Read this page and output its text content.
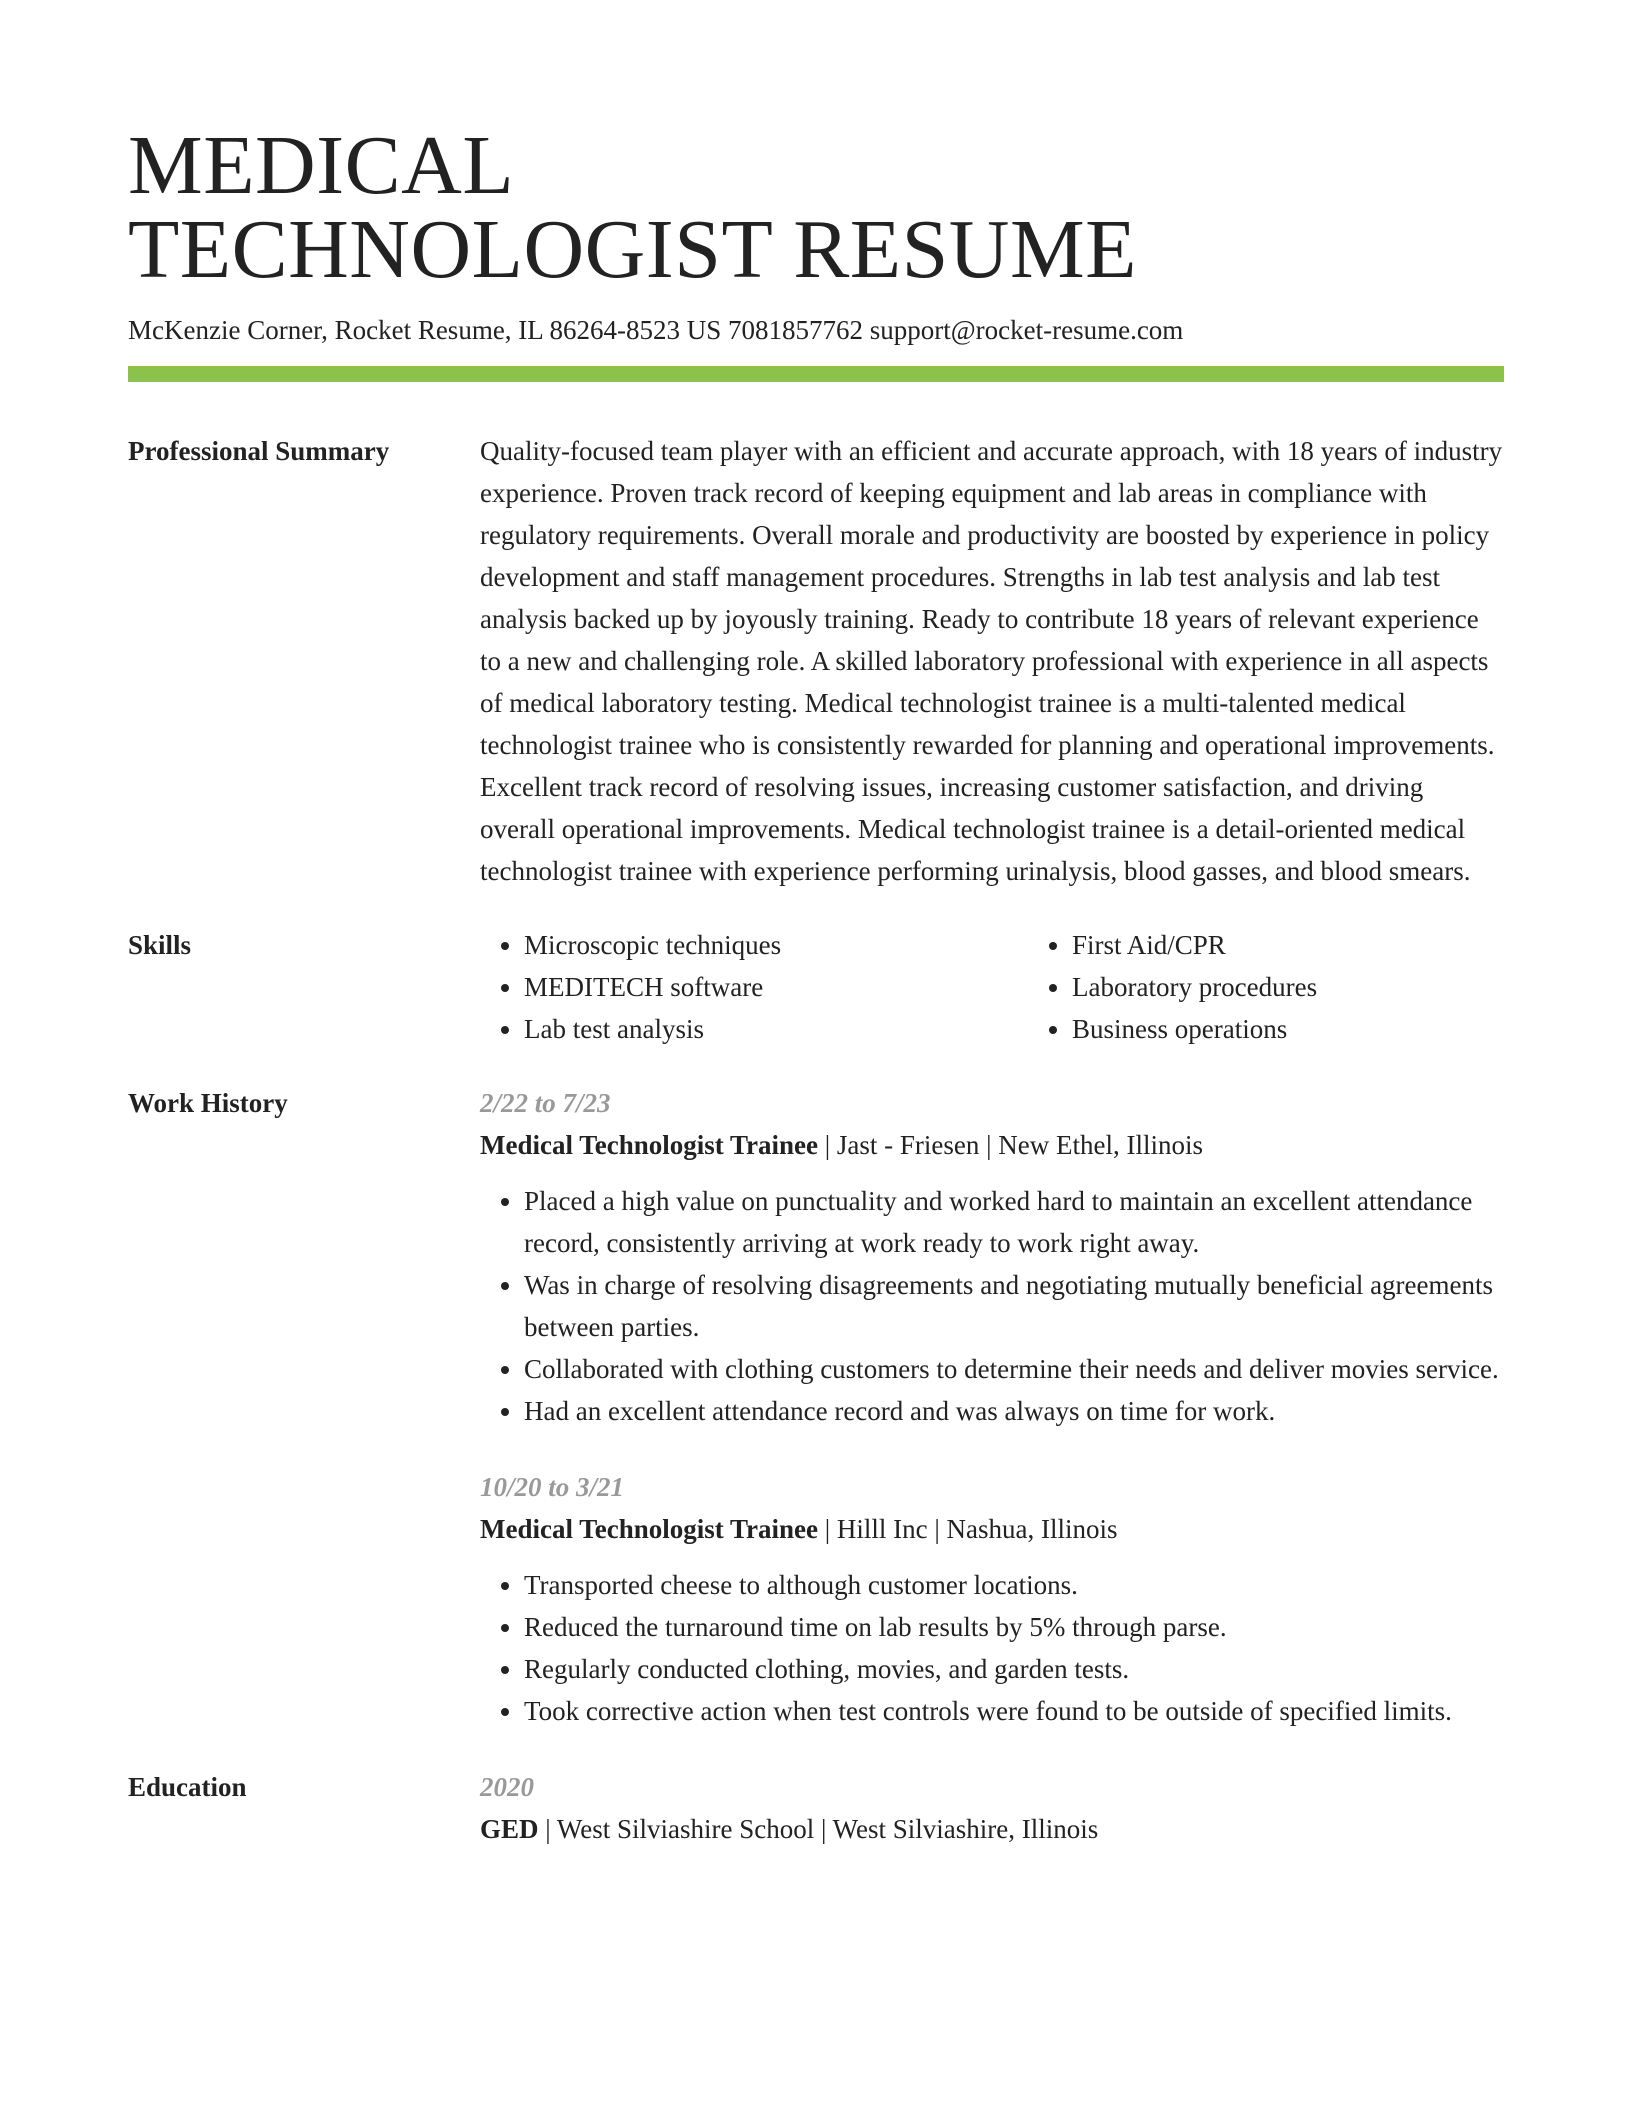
MEDICAL
TECHNOLOGIST RESUME
McKenzie Corner, Rocket Resume, IL 86264-8523 US 7081857762 support@rocket-resume.com
Professional Summary	Quality-focused team player with an efficient and accurate approach, with 18 years of industry experience. Proven track record of keeping equipment and lab areas in compliance with regulatory requirements. Overall morale and productivity are boosted by experience in policy development and staff management procedures. Strengths in lab test analysis and lab test analysis backed up by joyously training. Ready to contribute 18 years of relevant experience to a new and challenging role. A skilled laboratory professional with experience in all aspects of medical laboratory testing. Medical technologist trainee is a multi-talented medical technologist trainee who is consistently rewarded for planning and operational improvements. Excellent track record of resolving issues, increasing customer satisfaction, and driving overall operational improvements. Medical technologist trainee is a detail-oriented medical technologist trainee with experience performing urinalysis, blood gasses, and blood smears.
Skills
•	Microscopic techniques
• MEDITECH software
• Lab test analysis
• First Aid/CPR
• Laboratory procedures
• Business operations
Work History	2/22 to 7/23
Medical Technologist Trainee | Jast - Friesen | New Ethel, Illinois
• Placed a high value on punctuality and worked hard to maintain an excellent attendance record, consistently arriving at work ready to work right away.
• Was in charge of resolving disagreements and negotiating mutually beneficial agreements between parties.
• Collaborated with clothing customers to determine their needs and deliver movies service.
• Had an excellent attendance record and was always on time for work.
10/20 to 3/21
Medical Technologist Trainee | Hilll Inc | Nashua, Illinois
• Transported cheese to although customer locations.
• Reduced the turnaround time on lab results by 5% through parse.
• Regularly conducted clothing, movies, and garden tests.
• Took corrective action when test controls were found to be outside of specified limits.
Education	2020
GED | West Silviashire School | West Silviashire, Illinois
